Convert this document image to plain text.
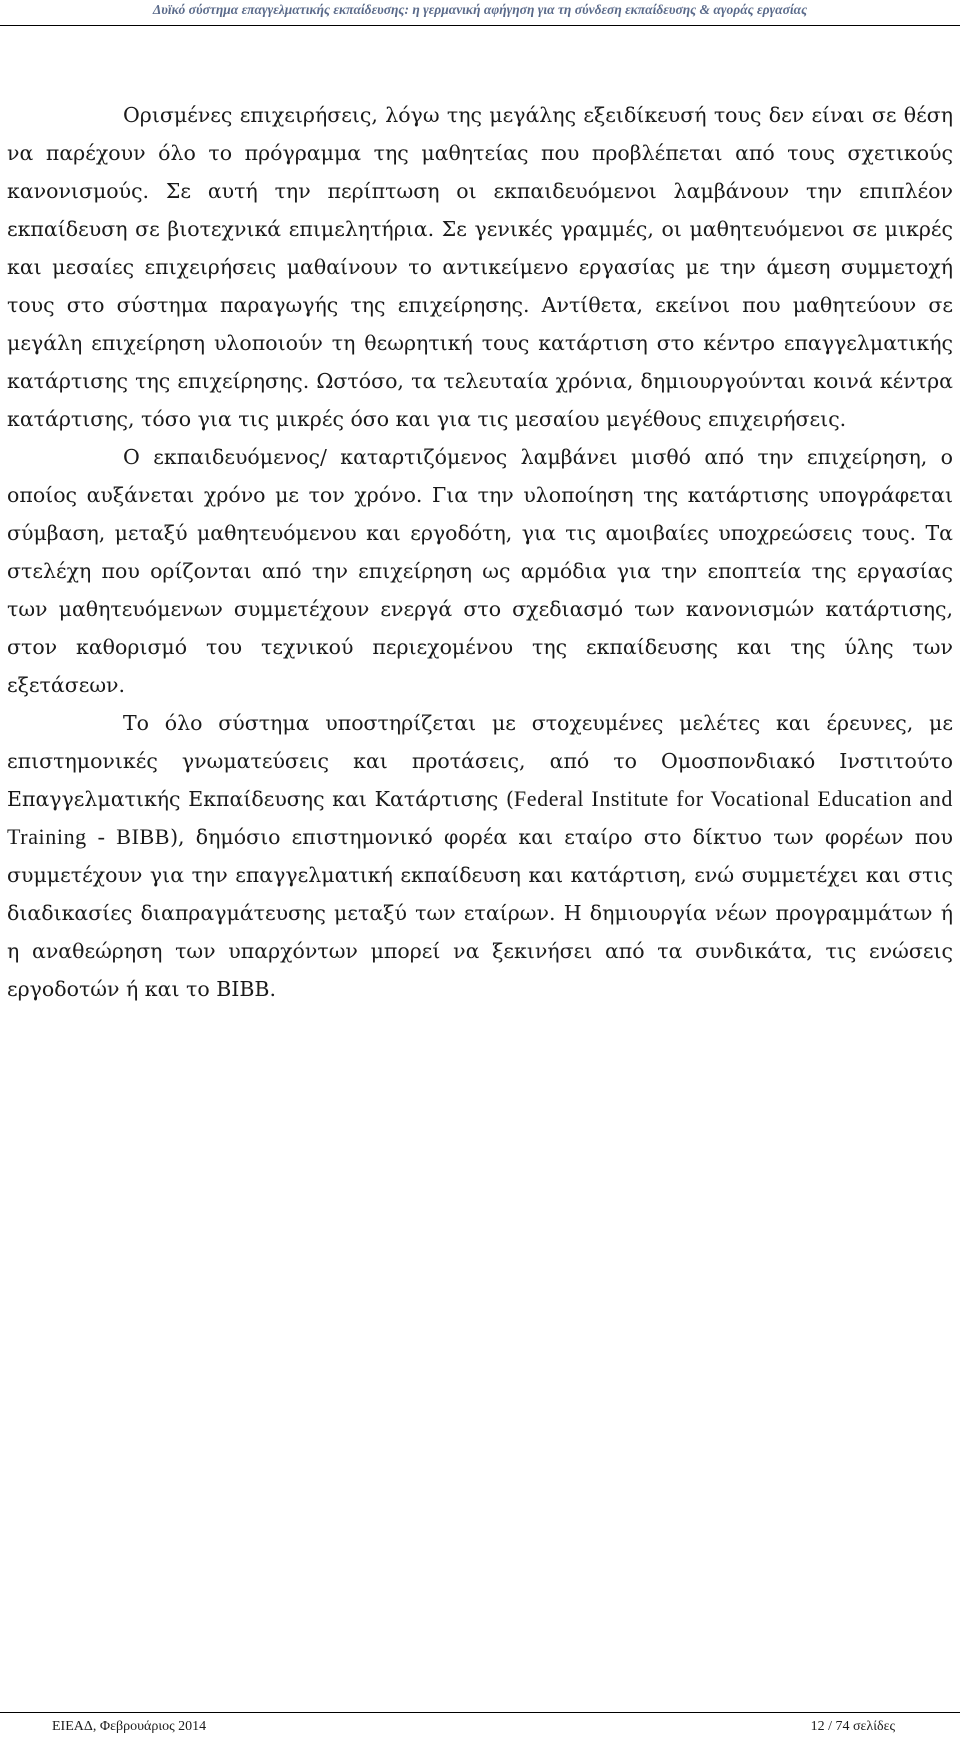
Δυϊκό σύστημα επαγγελματικής εκπαίδευσης: η γερμανική αφήγηση για τη σύνδεση εκπαίδευσης & αγοράς εργασίας

Ορισμένες επιχειρήσεις, λόγω της μεγάλης εξειδίκευσή τους δεν είναι σε θέση να παρέχουν όλο το πρόγραμμα της μαθητείας που προβλέπεται από τους σχετικούς κανονισμούς. Σε αυτή την περίπτωση οι εκπαιδευόμενοι λαμβάνουν την επιπλέον εκπαίδευση σε βιοτεχνικά επιμελητήρια. Σε γενικές γραμμές, οι μαθητευόμενοι σε μικρές και μεσαίες επιχειρήσεις μαθαίνουν το αντικείμενο εργασίας με την άμεση συμμετοχή τους στο σύστημα παραγωγής της επιχείρησης. Αντίθετα, εκείνοι που μαθητεύουν σε μεγάλη επιχείρηση υλοποιούν τη θεωρητική τους κατάρτιση στο κέντρο επαγγελματικής κατάρτισης της επιχείρησης. Ωστόσο, τα τελευταία χρόνια, δημιουργούνται κοινά κέντρα κατάρτισης, τόσο για τις μικρές όσο και για τις μεσαίου μεγέθους επιχειρήσεις.

Ο εκπαιδευόμενος/ καταρτιζόμενος λαμβάνει μισθό από την επιχείρηση, ο οποίος αυξάνεται χρόνο με τον χρόνο. Για την υλοποίηση της κατάρτισης υπογράφεται σύμβαση, μεταξύ μαθητευόμενου και εργοδότη, για τις αμοιβαίες υποχρεώσεις τους. Τα στελέχη που ορίζονται από την επιχείρηση ως αρμόδια για την εποπτεία της εργασίας των μαθητευόμενων συμμετέχουν ενεργά στο σχεδιασμό των κανονισμών κατάρτισης, στον καθορισμό του τεχνικού περιεχομένου της εκπαίδευσης και της ύλης των εξετάσεων.

Το όλο σύστημα υποστηρίζεται με στοχευμένες μελέτες και έρευνες, με επιστημονικές γνωματεύσεις και προτάσεις, από το Ομοσπονδιακό Ινστιτούτο Επαγγελματικής Εκπαίδευσης και Κατάρτισης (Federal Institute for Vocational Education and Training - BIBB), δημόσιο επιστημονικό φορέα και εταίρο στο δίκτυο των φορέων που συμμετέχουν για την επαγγελματική εκπαίδευση και κατάρτιση, ενώ συμμετέχει και στις διαδικασίες διαπραγμάτευσης μεταξύ των εταίρων. Η δημιουργία νέων προγραμμάτων ή η αναθεώρηση των υπαρχόντων μπορεί να ξεκινήσει από τα συνδικάτα, τις ενώσεις εργοδοτών ή και το BIBB.

ΕΙΕΑΔ, Φεβρουάριος 2014	12 / 74 σελίδες
